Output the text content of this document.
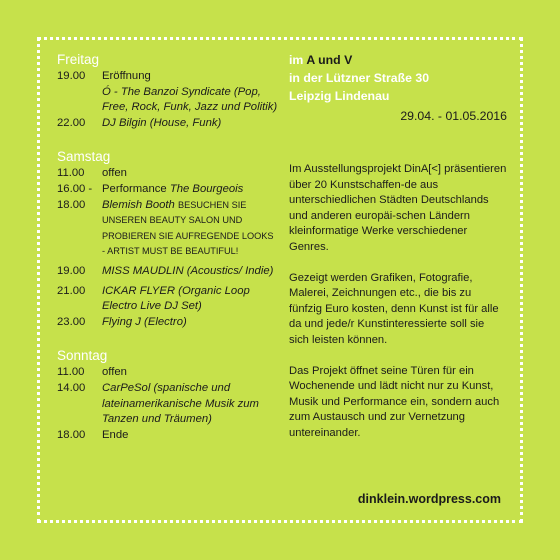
Freitag
19.00	Eröffnung
Ó - The Banzoi Syndicate (Pop, Free, Rock, Funk, Jazz und Politik)
22.00	DJ Bilgin (House, Funk)
Samstag
11.00	offen
16.00 - Performance The Bourgeois
18.00	Blemish Booth BESUCHEN SIE UNSEREN BEAUTY SALON UND PROBIEREN SIE AUFREGENDE LOOKS - ARTIST MUST BE BEAUTIFUL!
19.00	MISS MAUDLIN (Acoustics/ Indie)
21.00	ICKAR FLYER (Organic Loop Electro Live DJ Set)
23.00	Flying J (Electro)
Sonntag
11.00	offen
14.00	CarPeSol (spanische und lateinamerikanische Musik zum Tanzen und Träumen)
18.00	Ende
im A und V
in der Lützner Straße 30
Leipzig Lindenau
29.04. - 01.05.2016

Im Ausstellungsprojekt DinA[<] präsentieren über 20 Kunstschaffen-de aus unterschiedlichen Städten Deutschlands und anderen europäi-schen Ländern kleinformatige Werke verschiedener Genres.

Gezeigt werden Grafiken, Fotografie, Malerei, Zeichnungen etc., die bis zu fünfzig Euro kosten, denn Kunst ist für alle da und jede/r Kunstinteressierte soll sie sich leisten können.

Das Projekt öffnet seine Türen für ein Wochenende und lädt nicht nur zu Kunst, Musik und Performance ein, sondern auch zum Austausch und zur Vernetzung untereinander.

dinklein.wordpress.com
